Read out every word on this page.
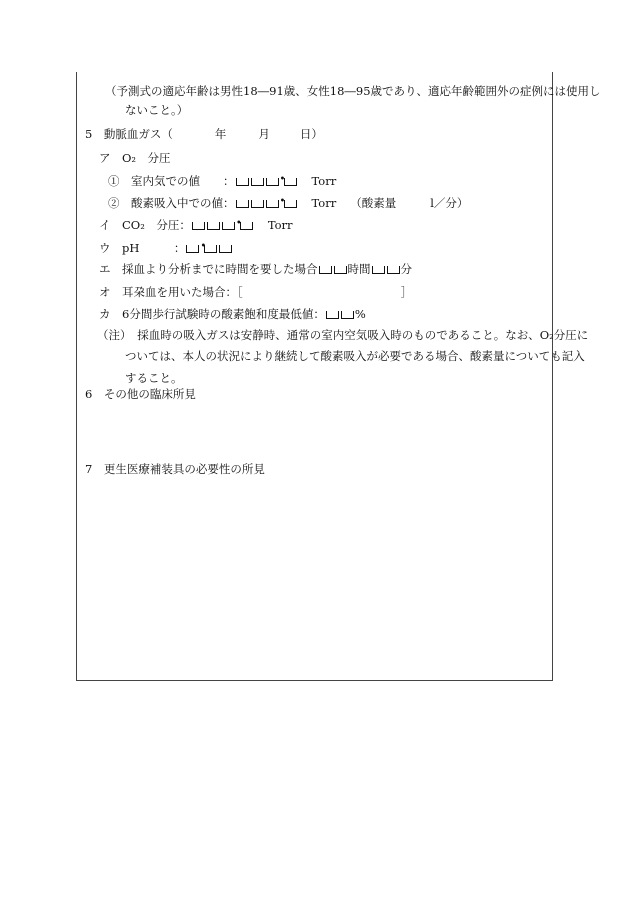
（予測式の適応年齢は男性18―91歳、女性18―95歳であり、適応年齢範囲外の症例には使用し
ないこと。）
5　動脈血ガス（	年	月	日）
ア　O₂　分圧
①　室内気での値　　：	• Torr
②　酸素吸入中での値：	• Torr （酸素量	l／分）
イ　CO₂　分圧：	• Torr
ウ　pH　　　： •
エ　採血より分析までに時間を要した場合	時間	分
オ　耳朶血を用いた場合：［	］
カ　6分間歩行試験時の酸素飽和度最低値：	%
（注）　採血時の吸入ガスは安静時、通常の室内空気吸入時のものであること。なお、O₂分圧に
ついては、本人の状況により継続して酸素吸入が必要である場合、酸素量についても記入
すること。
6　その他の臨床所見
7　更生医療補装具の必要性の所見
